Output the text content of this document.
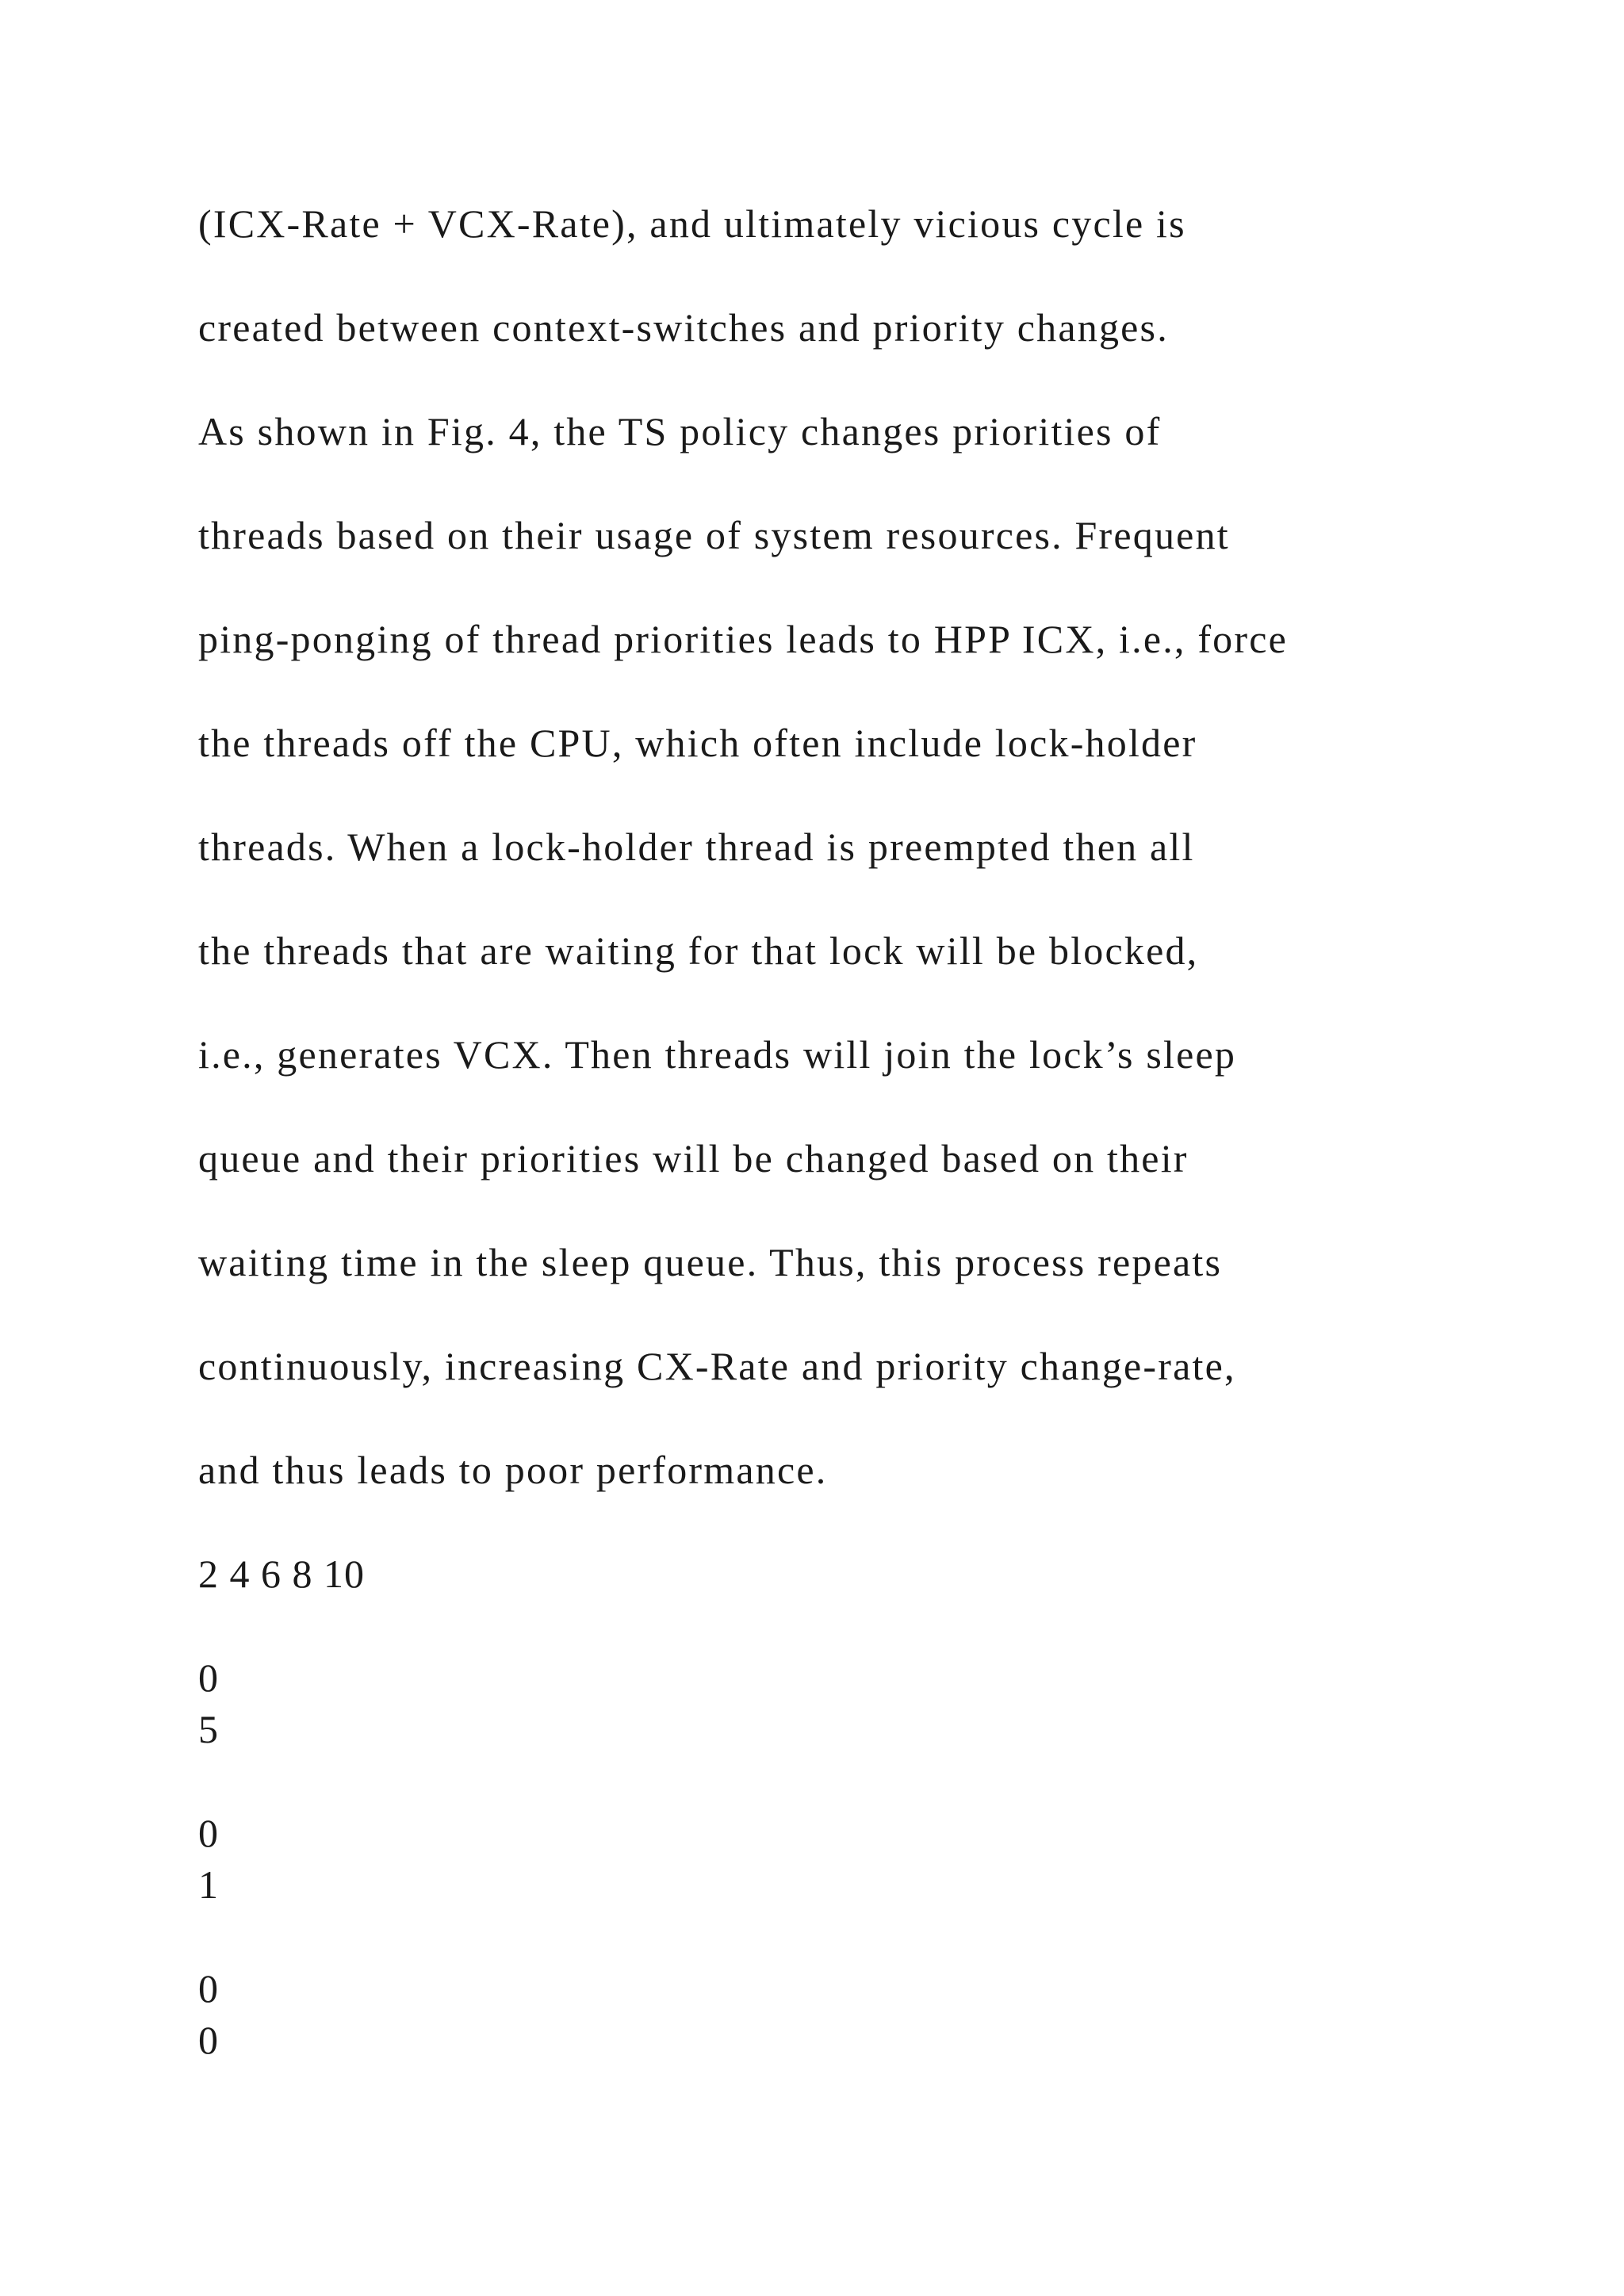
(ICX-Rate + VCX-Rate), and ultimately vicious cycle is
created between context-switches and priority changes.
As shown in Fig. 4, the TS policy changes priorities of
threads based on their usage of system resources. Frequent
ping-ponging of thread priorities leads to HPP ICX, i.e., force
the threads off the CPU, which often include lock-holder
threads. When a lock-holder thread is preempted then all
the threads that are waiting for that lock will be blocked,
i.e., generates VCX. Then threads will join the lock’s sleep
queue and their priorities will be changed based on their
waiting time in the sleep queue. Thus, this process repeats
continuously, increasing CX-Rate and priority change-rate,
and thus leads to poor performance.
2 4 6 8 10
0
5
0
1
0
0
